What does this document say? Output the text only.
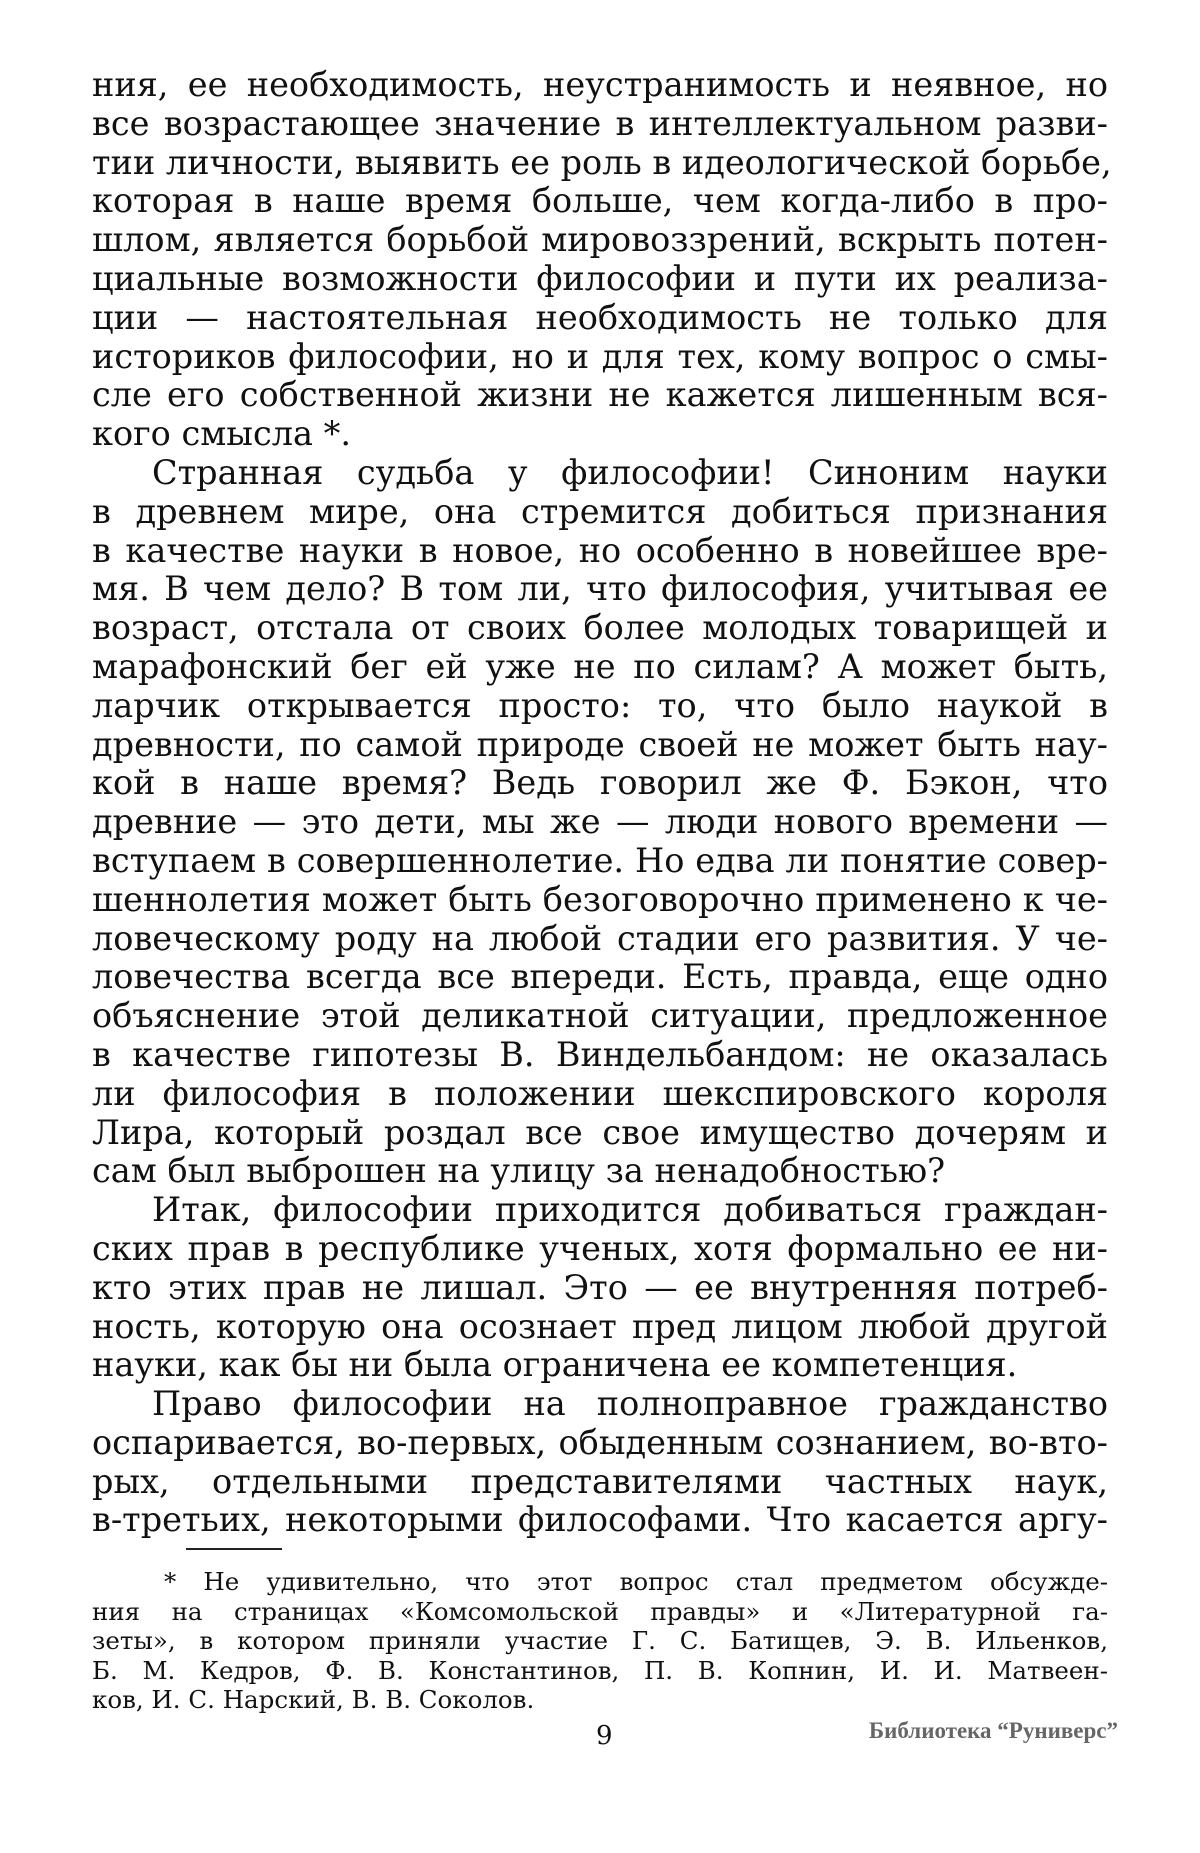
ния, ее необходимость, неустранимость и неявное, но
все возрастающее значение в интеллектуальном разви-
тии личности, выявить ее роль в идеологической борьбе,
которая в наше время больше, чем когда-либо в про-
шлом, является борьбой мировоззрений, вскрыть потен-
циальные возможности философии и пути их реализа-
ции — настоятельная необходимость не только для
историков философии, но и для тех, кому вопрос о смы-
сле его собственной жизни не кажется лишенным вся-
кого смысла *.
Странная судьба у философии! Синоним науки
в древнем мире, она стремится добиться признания
в качестве науки в новое, но особенно в новейшее вре-
мя. В чем дело? В том ли, что философия, учитывая ее
возраст, отстала от своих более молодых товарищей и
марафонский бег ей уже не по силам? А может быть,
ларчик открывается просто: то, что было наукой в
древности, по самой природе своей не может быть нау-
кой в наше время? Ведь говорил же Ф. Бэкон, что
древние — это дети, мы же — люди нового времени —
вступаем в совершеннолетие. Но едва ли понятие совер-
шеннолетия может быть безоговорочно применено к че-
ловеческому роду на любой стадии его развития. У че-
ловечества всегда все впереди. Есть, правда, еще одно
объяснение этой деликатной ситуации, предложенное
в качестве гипотезы В. Виндельбандом: не оказалась
ли философия в положении шекспировского короля
Лира, который роздал все свое имущество дочерям и
сам был выброшен на улицу за ненадобностью?
Итак, философии приходится добиваться граждан-
ских прав в республике ученых, хотя формально ее ни-
кто этих прав не лишал. Это — ее внутренняя потреб-
ность, которую она осознает пред лицом любой другой
науки, как бы ни была ограничена ее компетенция.
Право философии на полноправное гражданство
оспаривается, во-первых, обыденным сознанием, во-вто-
рых, отдельными представителями частных наук,
в-третьих, некоторыми философами. Что касается аргу-
* Не удивительно, что этот вопрос стал предметом обсужде-
ния на страницах «Комсомольской правды» и «Литературной га-
зеты», в котором приняли участие Г. С. Батищев, Э. В. Ильенков,
Б. М. Кедров, Ф. В. Константинов, П. В. Копнин, И. И. Матвеен-
ков, И. С. Нарский, В. В. Соколов.
9	Библиотека “Руниверс”
